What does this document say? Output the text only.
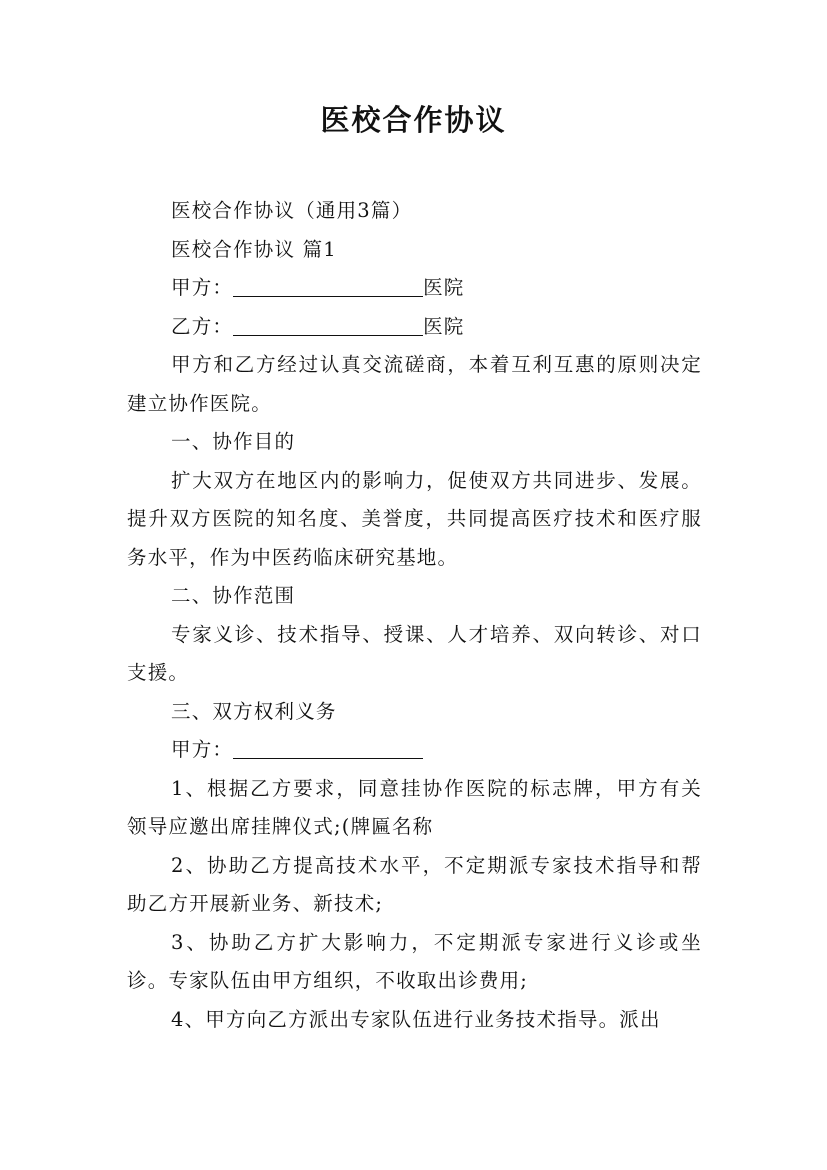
医校合作协议

医校合作协议（通用3篇）

医校合作协议 篇1

甲方：	医院

乙方：	医院

甲方和乙方经过认真交流磋商，本着互利互惠的原则决定建立协作医院。

一、协作目的

扩大双方在地区内的影响力，促使双方共同进步、发展。提升双方医院的知名度、美誉度，共同提高医疗技术和医疗服务水平，作为中医药临床研究基地。

二、协作范围

专家义诊、技术指导、授课、人才培养、双向转诊、对口支援。

三、双方权利义务

甲方：

1、根据乙方要求，同意挂协作医院的标志牌，甲方有关领导应邀出席挂牌仪式;(牌匾名称

2、协助乙方提高技术水平，不定期派专家技术指导和帮助乙方开展新业务、新技术;

3、协助乙方扩大影响力，不定期派专家进行义诊或坐诊。专家队伍由甲方组织，不收取出诊费用;

4、甲方向乙方派出专家队伍进行业务技术指导。派出
